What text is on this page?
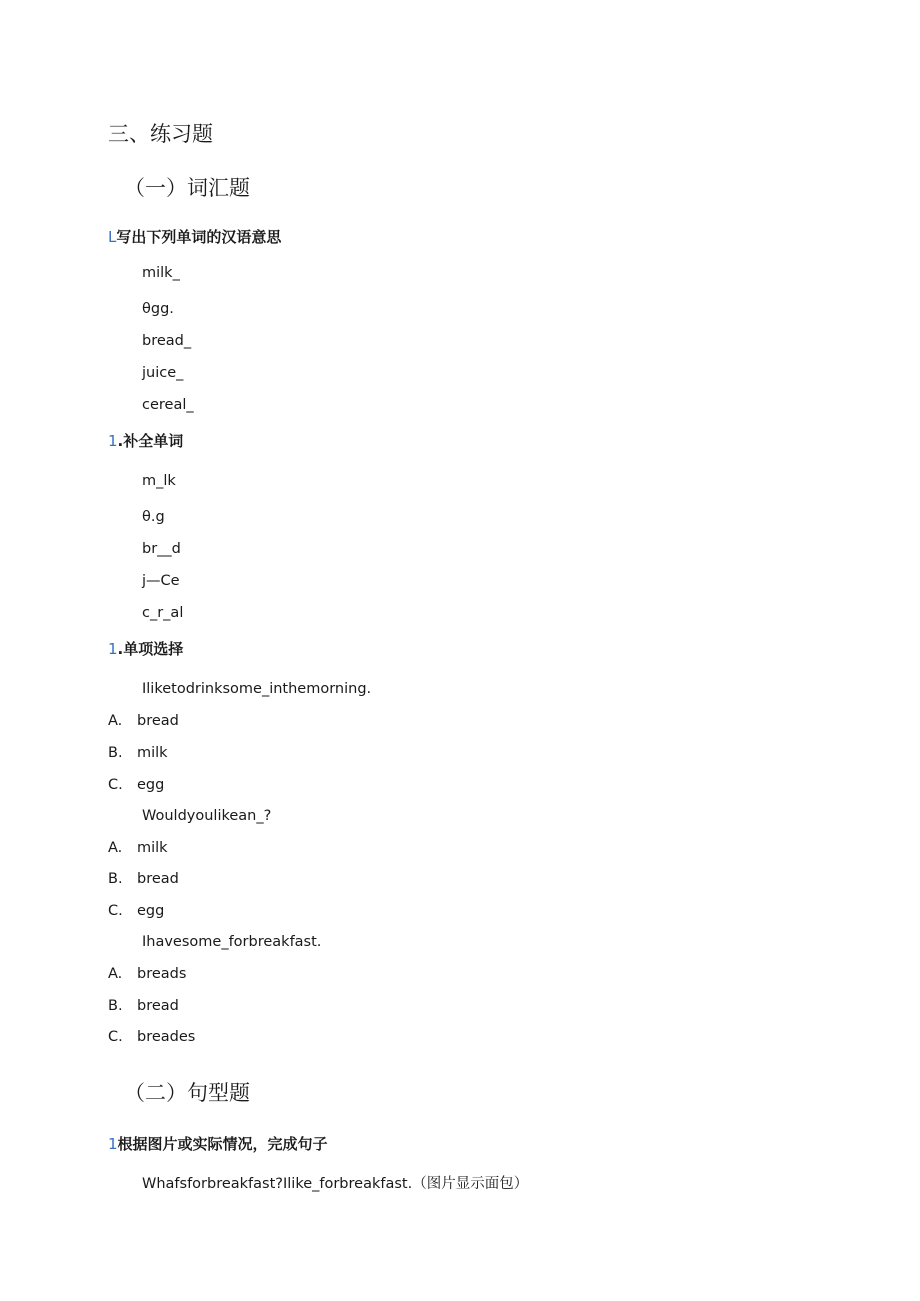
三、练习题
（一）词汇题
L写出下列单词的汉语意思
milk_
θgg.
bread_
juice_
cereal_
1.补全单词
m_lk
θ.g
br__d
j—Ce
c_r_al
1.单项选择
Iliketodrinksome_inthemorning.
A. bread
B. milk
C. egg
Wouldyoulikean_?
A. milk
B. bread
C. egg
Ihavesome_forbreakfast.
A. breads
B. bread
C. breades
（二）句型题
1根据图片或实际情况，完成句子
Whafsforbreakfast?Ilike_forbreakfast.（图片显示面包）
